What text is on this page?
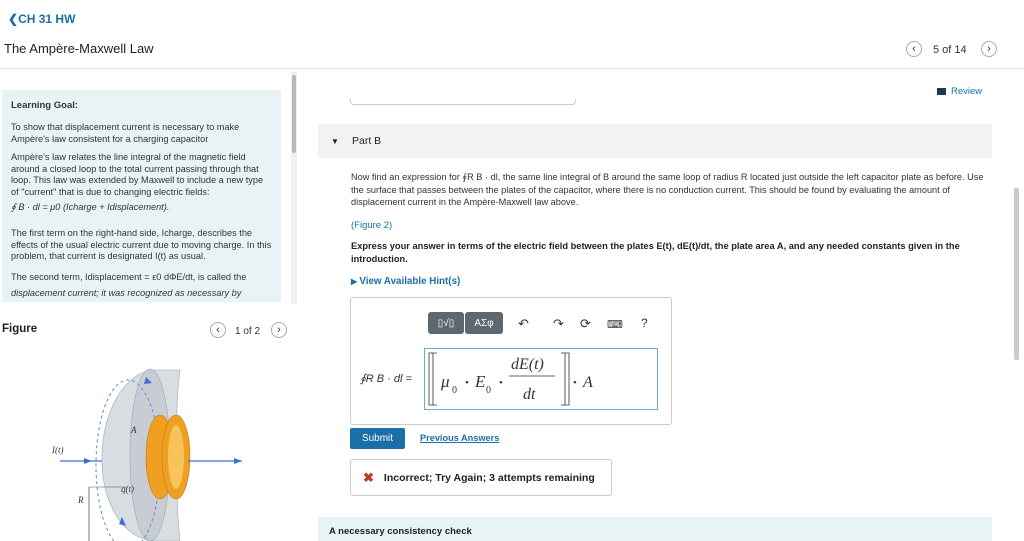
❮CH 31 HW
The Ampère-Maxwell Law	‹ 5 of 14 ›
Learning Goal:
To show that displacement current is necessary to make Ampère's law consistent for a charging capacitor
Ampère's law relates the line integral of the magnetic field around a closed loop to the total current passing through that loop. This law was extended by Maxwell to include a new type of "current" that is due to changing electric fields:
∮ B · dl = μ0 (Icharge + Idisplacement).
The first term on the right-hand side, Icharge, describes the effects of the usual electric current due to moving charge. In this problem, that current is designated I(t) as usual.
The second term, Idisplacement = ε0 dΦE/dt, is called the
displacement current; it was recognized as necessary by
Figure	‹ 1 of 2 ›
I(t)
R
A
q(t)
Review
▼ Part B
Now find an expression for ∮R B · dl, the same line integral of B around the same loop of radius R located just outside the left capacitor plate as before. Use the surface that passes between the plates of the capacitor, where there is no conduction current. This should be found by evaluating the amount of displacement current in the Ampère-Maxwell law above.
(Figure 2)
Express your answer in terms of the electric field between the plates E(t), dE(t)/dt, the plate area A, and any needed constants given in the introduction.
▶ View Available Hint(s)
▯√▯	ΑΣφ	↶ ↷ ⟳ ⌨ ?
∮R B · dl = μ 0
• E 0
•
dE(t)
dt
• A
Submit	Previous Answers
✖ Incorrect; Try Again; 3 attempts remaining
A necessary consistency check
